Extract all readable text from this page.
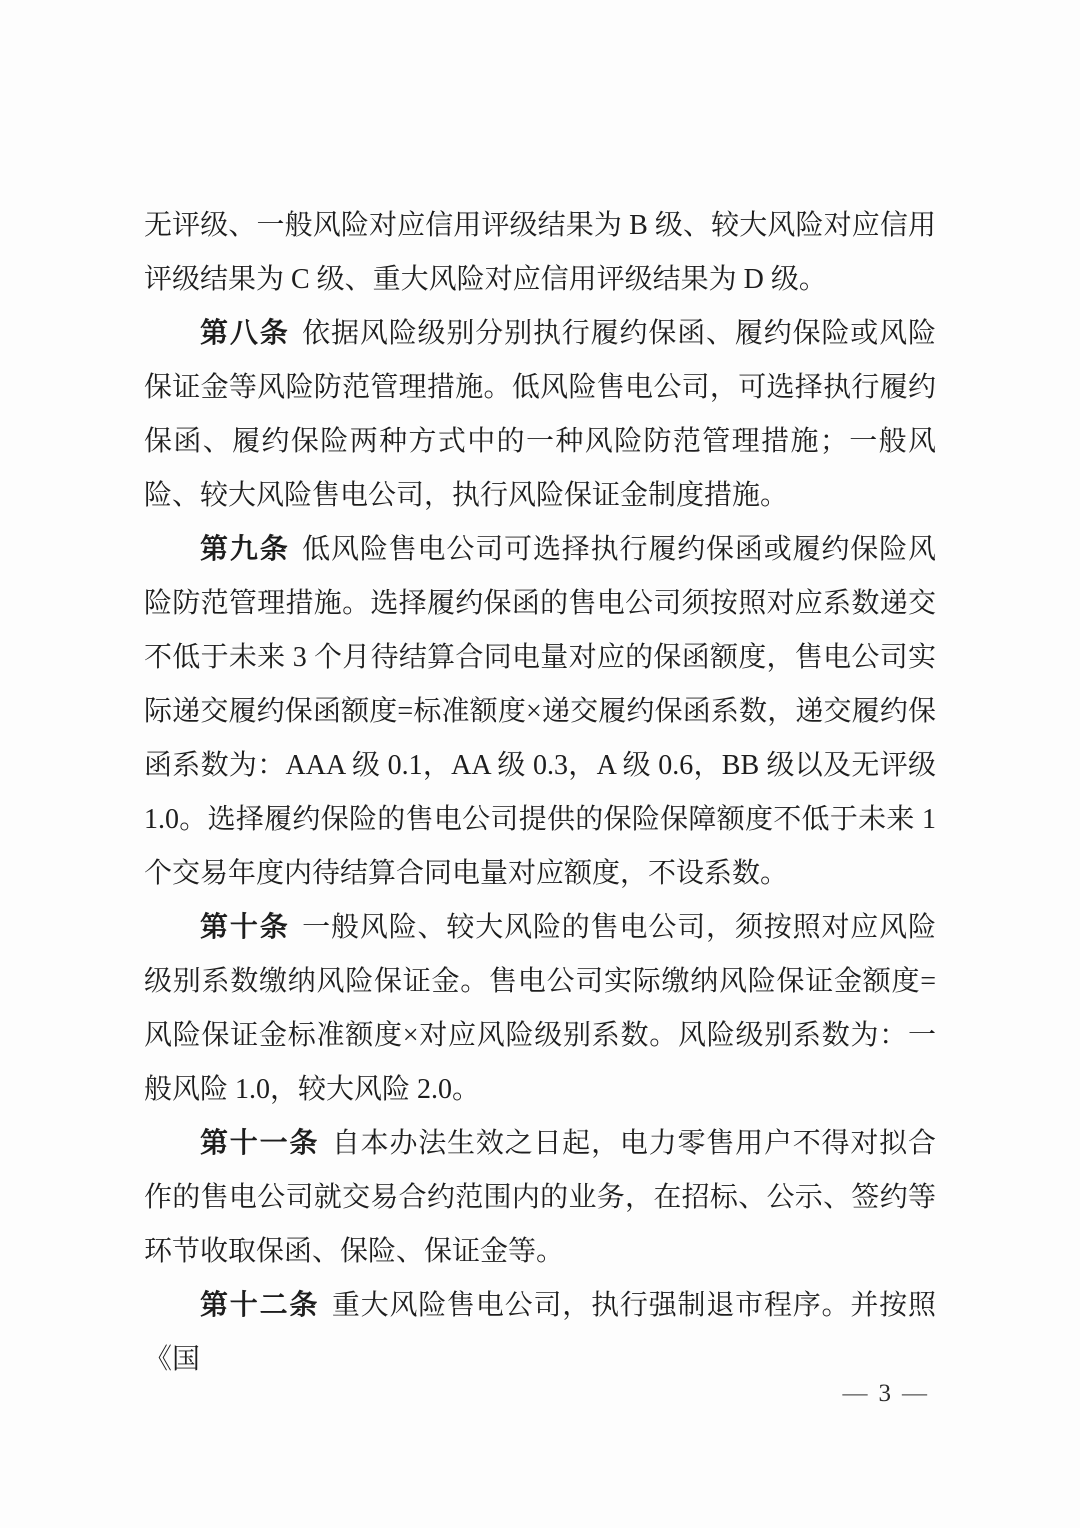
无评级、一般风险对应信用评级结果为 B 级、较大风险对应信用评级结果为 C 级、重大风险对应信用评级结果为 D 级。

第八条 依据风险级别分别执行履约保函、履约保险或风险保证金等风险防范管理措施。低风险售电公司，可选择执行履约保函、履约保险两种方式中的一种风险防范管理措施；一般风险、较大风险售电公司，执行风险保证金制度措施。

第九条 低风险售电公司可选择执行履约保函或履约保险风险防范管理措施。选择履约保函的售电公司须按照对应系数递交不低于未来 3 个月待结算合同电量对应的保函额度，售电公司实际递交履约保函额度=标准额度×递交履约保函系数，递交履约保函系数为：AAA 级 0.1，AA 级 0.3，A 级 0.6，BB 级以及无评级 1.0。选择履约保险的售电公司提供的保险保障额度不低于未来 1 个交易年度内待结算合同电量对应额度，不设系数。

第十条 一般风险、较大风险的售电公司，须按照对应风险级别系数缴纳风险保证金。售电公司实际缴纳风险保证金额度=风险保证金标准额度×对应风险级别系数。风险级别系数为：一般风险 1.0，较大风险 2.0。

第十一条 自本办法生效之日起，电力零售用户不得对拟合作的售电公司就交易合约范围内的业务，在招标、公示、签约等环节收取保函、保险、保证金等。

第十二条 重大风险售电公司，执行强制退市程序。并按照《国

— 3 —
